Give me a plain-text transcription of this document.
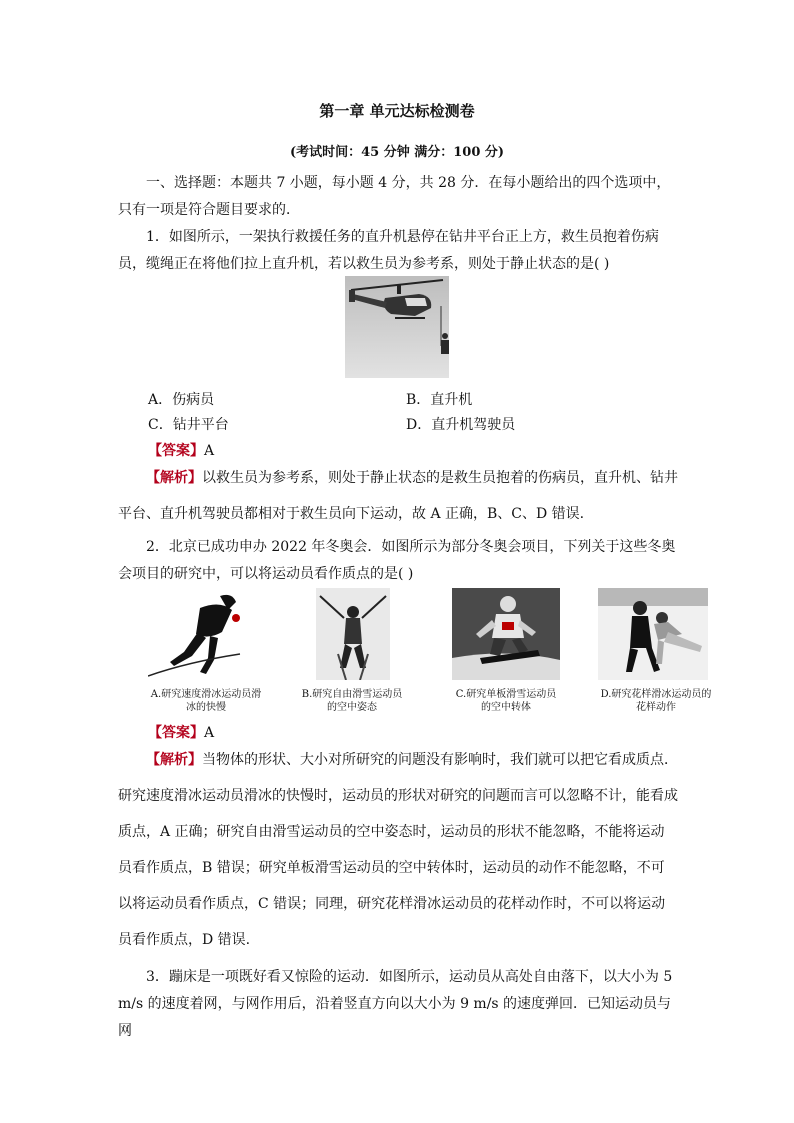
第一章 单元达标检测卷
(考试时间：45 分钟 满分：100 分)
一、选择题：本题共 7 小题，每小题 4 分，共 28 分．在每小题给出的四个选项中，只有一项是符合题目要求的．
1．如图所示，一架执行救援任务的直升机悬停在钻井平台正上方，救生员抱着伤病员，缆绳正在将他们拉上直升机，若以救生员为参考系，则处于静止状态的是( )
A．伤病员	B．直升机
C．钻井平台	D．直升机驾驶员
【答案】A
【解析】以救生员为参考系，则处于静止状态的是救生员抱着的伤病员，直升机、钻井平台、直升机驾驶员都相对于救生员向下运动，故 A 正确，B、C、D 错误.
2．北京已成功申办 2022 年冬奥会．如图所示为部分冬奥会项目，下列关于这些冬奥会项目的研究中，可以将运动员看作质点的是( )
A.研究速度滑冰运动员滑冰的快慢
B.研究自由滑雪运动员的空中姿态
C.研究单板滑雪运动员的空中转体
D.研究花样滑冰运动员的花样动作
【答案】A
【解析】当物体的形状、大小对所研究的问题没有影响时，我们就可以把它看成质点．研究速度滑冰运动员滑冰的快慢时，运动员的形状对研究的问题而言可以忽略不计，能看成质点，A 正确；研究自由滑雪运动员的空中姿态时，运动员的形状不能忽略，不能将运动员看作质点，B 错误；研究单板滑雪运动员的空中转体时，运动员的动作不能忽略，不可以将运动员看作质点，C 错误；同理，研究花样滑冰运动员的花样动作时，不可以将运动员看作质点，D 错误.
3．蹦床是一项既好看又惊险的运动．如图所示，运动员从高处自由落下，以大小为 5 m/s 的速度着网，与网作用后，沿着竖直方向以大小为 9 m/s 的速度弹回．已知运动员与网
